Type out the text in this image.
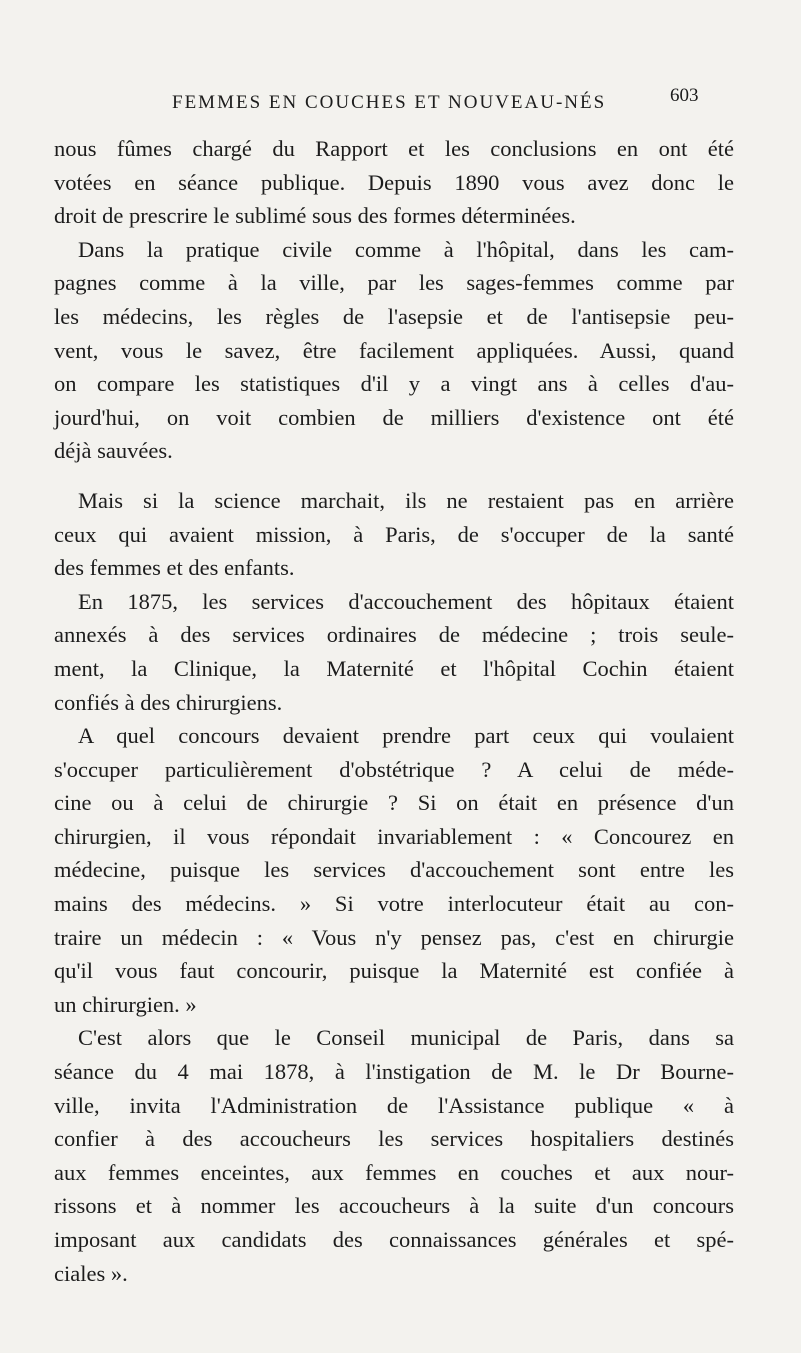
FEMMES EN COUCHES ET NOUVEAU-NÉS	603
nous fûmes chargé du Rapport et les conclusions en ont été
votées en séance publique. Depuis 1890 vous avez donc le
droit de prescrire le sublimé sous des formes déterminées.
Dans la pratique civile comme à l'hôpital, dans les cam-
pagnes comme à la ville, par les sages-femmes comme par
les médecins, les règles de l'asepsie et de l'antisepsie peu-
vent, vous le savez, être facilement appliquées. Aussi, quand
on compare les statistiques d'il y a vingt ans à celles d'au-
jourd'hui, on voit combien de milliers d'existence ont été
déjà sauvées.
Mais si la science marchait, ils ne restaient pas en arrière
ceux qui avaient mission, à Paris, de s'occuper de la santé
des femmes et des enfants.
En 1875, les services d'accouchement des hôpitaux étaient
annexés à des services ordinaires de médecine ; trois seule-
ment, la Clinique, la Maternité et l'hôpital Cochin étaient
confiés à des chirurgiens.
A quel concours devaient prendre part ceux qui voulaient
s'occuper particulièrement d'obstétrique ? A celui de méde-
cine ou à celui de chirurgie ? Si on était en présence d'un
chirurgien, il vous répondait invariablement : « Concourez en
médecine, puisque les services d'accouchement sont entre les
mains des médecins. » Si votre interlocuteur était au con-
traire un médecin : « Vous n'y pensez pas, c'est en chirurgie
qu'il vous faut concourir, puisque la Maternité est confiée à
un chirurgien. »
C'est alors que le Conseil municipal de Paris, dans sa
séance du 4 mai 1878, à l'instigation de M. le Dr Bourne-
ville, invita l'Administration de l'Assistance publique « à
confier à des accoucheurs les services hospitaliers destinés
aux femmes enceintes, aux femmes en couches et aux nour-
rissons et à nommer les accoucheurs à la suite d'un concours
imposant aux candidats des connaissances générales et spé-
ciales ».
